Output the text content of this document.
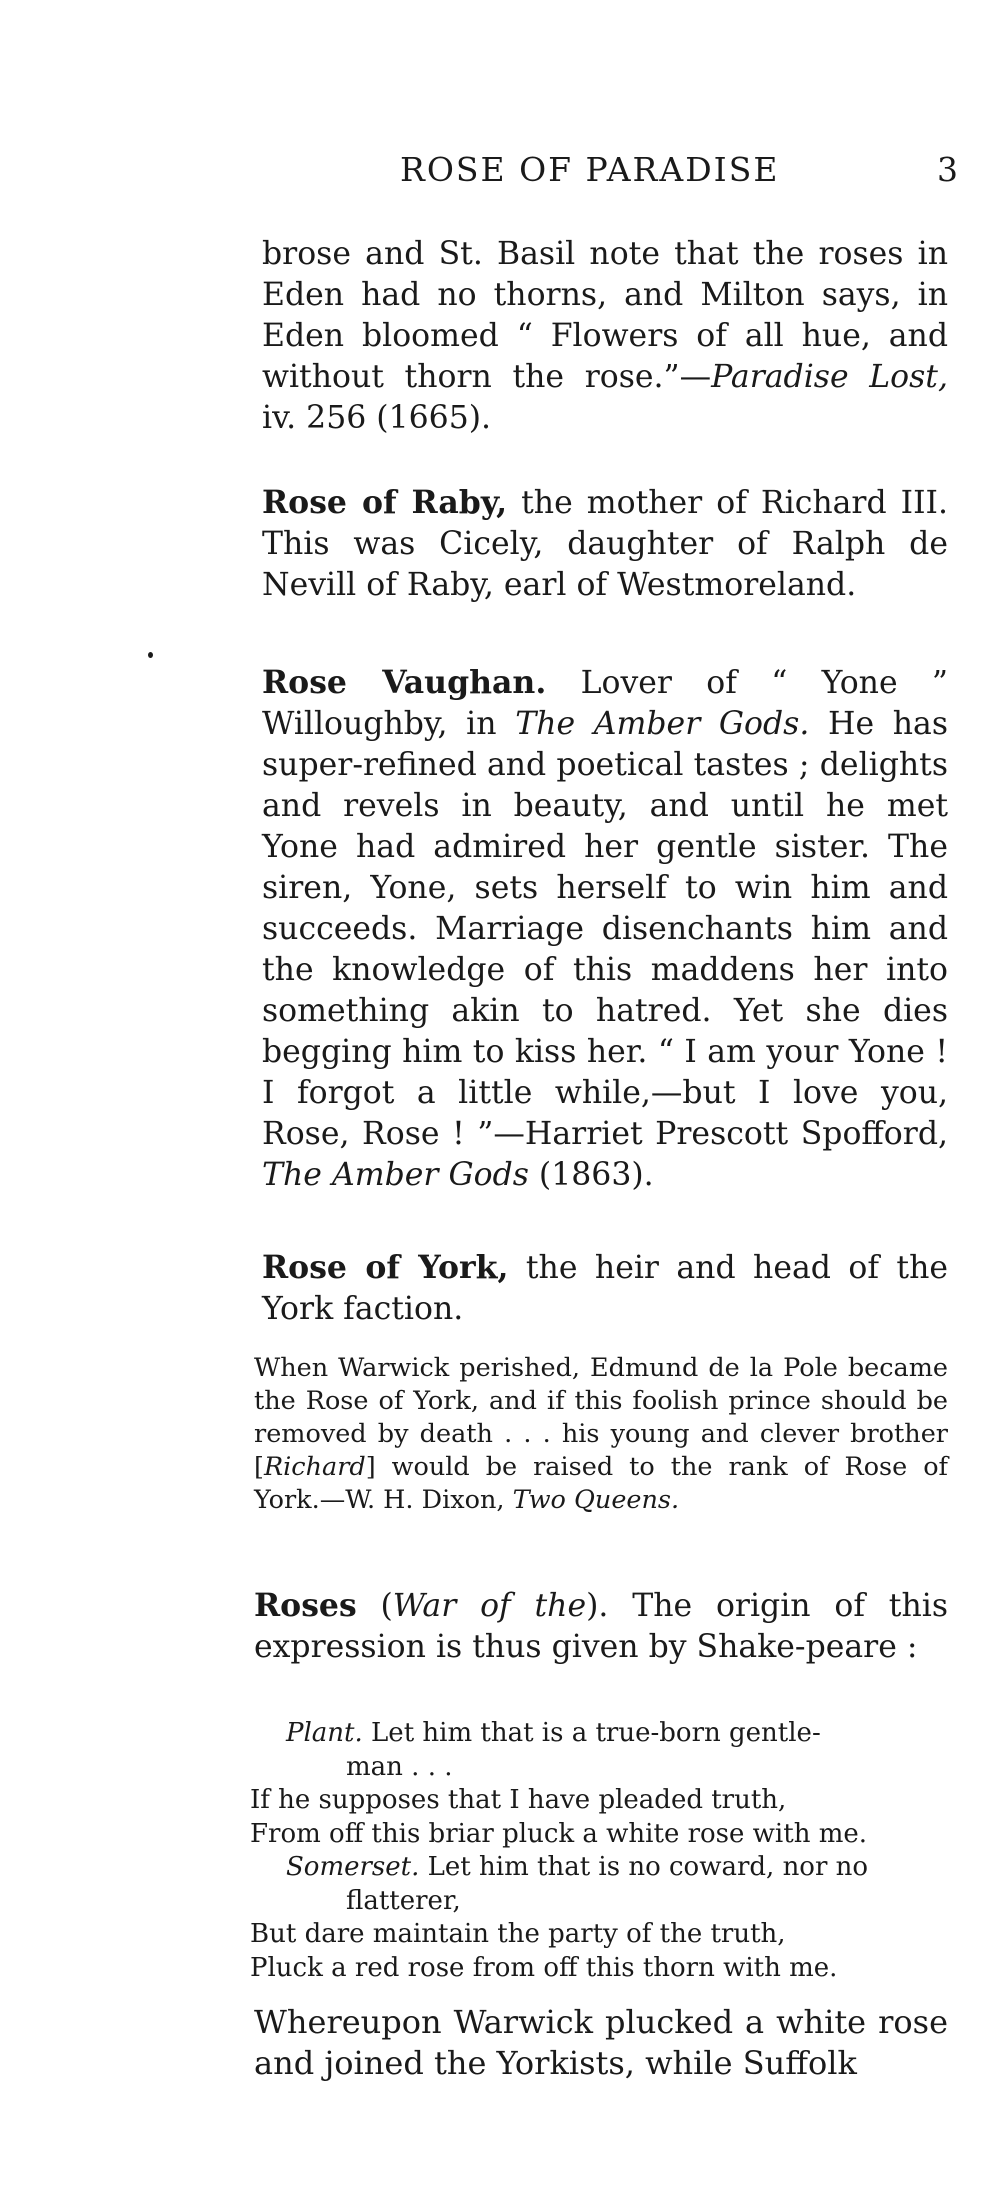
ROSE OF PARADISE	3
brose and St. Basil note that the roses in Eden had no thorns, and Milton says, in Eden bloomed “ Flowers of all hue, and without thorn the rose.”—Paradise Lost, iv. 256 (1665).
Rose of Raby, the mother of Richard III. This was Cicely, daughter of Ralph de Nevill of Raby, earl of Westmoreland.
Rose Vaughan. Lover of “ Yone ” Willoughby, in The Amber Gods. He has super-refined and poetical tastes ; delights and revels in beauty, and until he met Yone had admired her gentle sister. The siren, Yone, sets herself to win him and succeeds. Marriage disenchants him and the knowledge of this maddens her into something akin to hatred. Yet she dies begging him to kiss her. “ I am your Yone ! I forgot a little while,—but I love you, Rose, Rose ! ”—Harriet Prescott Spofford, The Amber Gods (1863).
Rose of York, the heir and head of the York faction.
When Warwick perished, Edmund de la Pole became the Rose of York, and if this foolish prince should be removed by death . . . his young and clever brother [Richard] would be raised to the rank of Rose of York.—W. H. Dixon, Two Queens.
Roses (War of the). The origin of this expression is thus given by Shake-peare :
Plant. Let him that is a true-born gentle-
man . . .
If he supposes that I have pleaded truth,
From off this briar pluck a white rose with me.
Somerset. Let him that is no coward, nor no
flatterer,
But dare maintain the party of the truth,
Pluck a red rose from off this thorn with me.
Whereupon Warwick plucked a white rose and joined the Yorkists, while Suffolk
